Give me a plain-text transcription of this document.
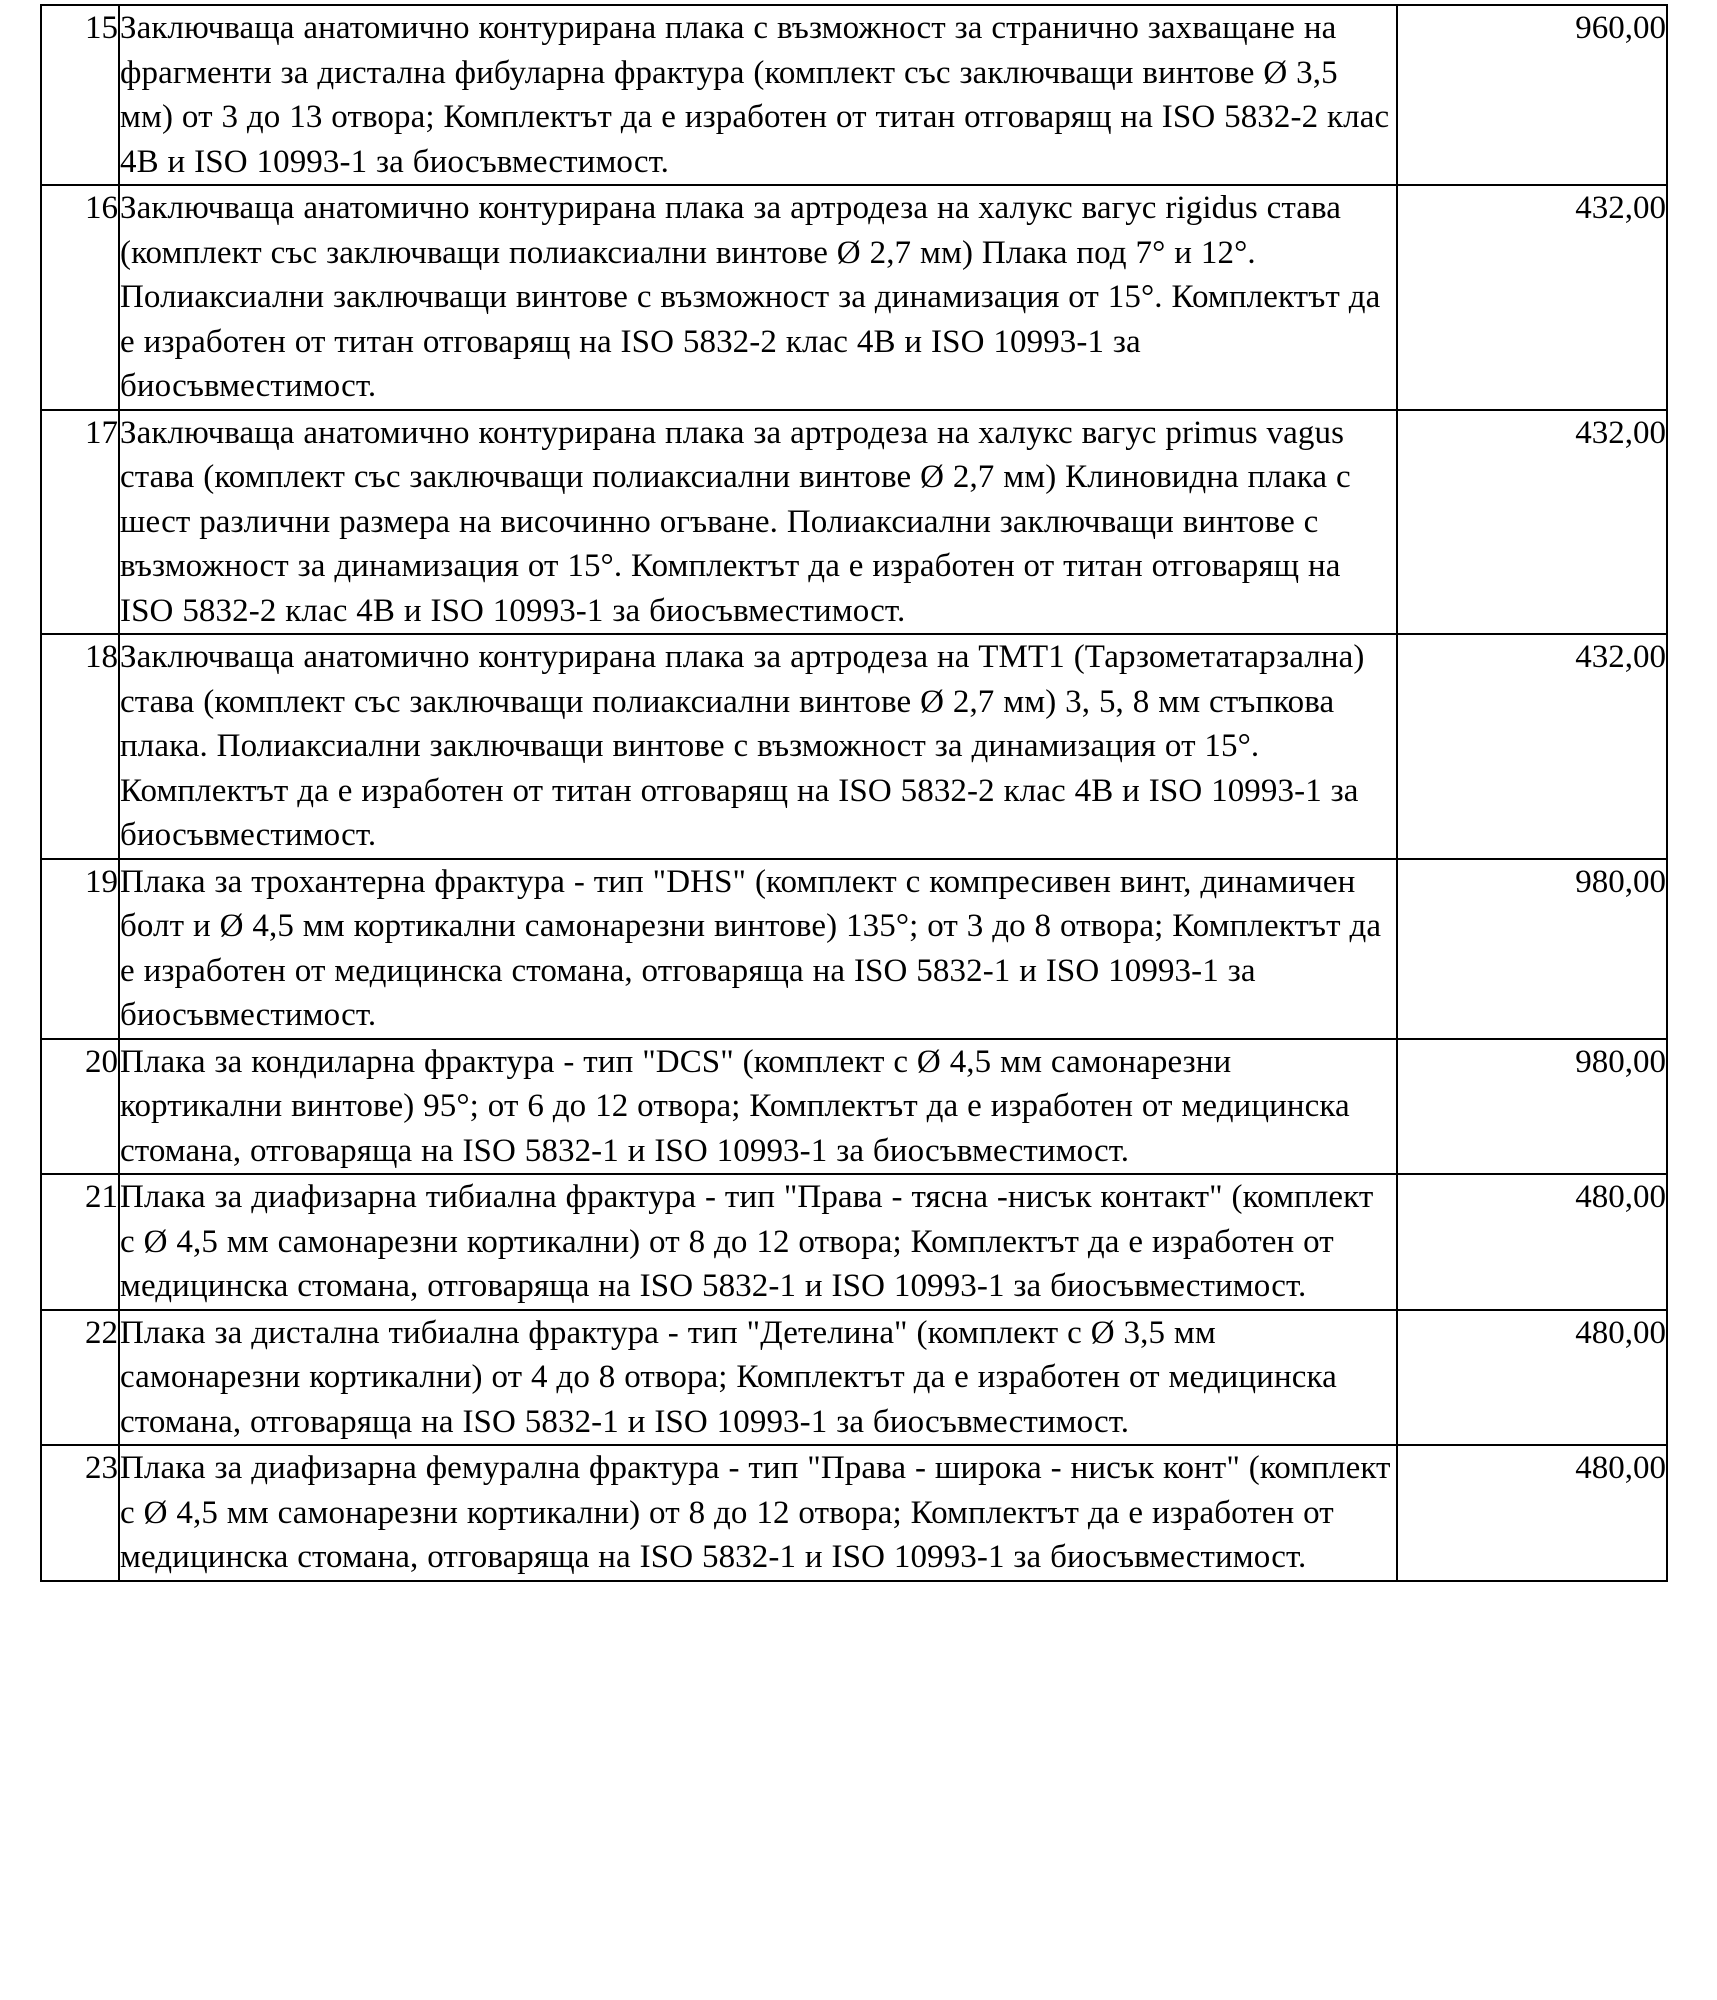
15	Заключваща анатомично контурирана плака с възможност за странично захващане на фрагменти за дистална фибуларна фрактура (комплект със заключващи винтове Ø 3,5 мм) от 3 до 13 отвора; Комплектът да е изработен от титан отговарящ на ISO 5832-2 клас 4B и ISO 10993-1 за биосъвместимост.	960,00
16	Заключваща анатомично контурирана плака за артродеза на халукс вагус rigidus става (комплект със заключващи полиаксиални винтове Ø 2,7 мм) Плака под 7° и 12°. Полиаксиални заключващи винтове с възможност за динамизация от 15°. Комплектът да е изработен от титан отговарящ на ISO 5832-2 клас 4B и ISO 10993-1 за биосъвместимост.	432,00
17	Заключваща анатомично контурирана плака за артродеза на халукс вагус primus vagus става (комплект със заключващи полиаксиални винтове Ø 2,7 мм) Клиновидна плака с шест различни размера на височинно огъване. Полиаксиални заключващи винтове с възможност за динамизация от 15°. Комплектът да е изработен от титан отговарящ на ISO 5832-2 клас 4B и ISO 10993-1 за биосъвместимост.	432,00
18	Заключваща анатомично контурирана плака за артродеза на TMT1 (Тарзометатарзална) става (комплект със заключващи полиаксиални винтове Ø 2,7 мм) 3, 5, 8 мм стъпкова плака. Полиаксиални заключващи винтове с възможност за динамизация от 15°. Комплектът да е изработен от титан отговарящ на ISO 5832-2 клас 4B и ISO 10993-1 за биосъвместимост.	432,00
19	Плака за трохантерна фрактура - тип "DHS" (комплект с компресивен винт, динамичен болт и Ø 4,5 мм кортикални самонарезни винтове) 135°; от 3 до 8 отвора; Комплектът да е изработен от медицинска стомана, отговаряща на ISO 5832-1 и ISO 10993-1 за биосъвместимост.	980,00
20	Плака за кондиларна фрактура - тип "DCS" (комплект с Ø 4,5 мм самонарезни кортикални винтове) 95°; от 6 до 12 отвора; Комплектът да е изработен от медицинска стомана, отговаряща на ISO 5832-1 и ISO 10993-1 за биосъвместимост.	980,00
21	Плака за диафизарна тибиална фрактура - тип "Права - тясна -нисък контакт" (комплект с Ø 4,5 мм самонарезни кортикални) от 8 до 12 отвора; Комплектът да е изработен от медицинска стомана, отговаряща на ISO 5832-1 и ISO 10993-1 за биосъвместимост.	480,00
22	Плака за дистална тибиална фрактура - тип "Детелина" (комплект с Ø 3,5 мм самонарезни кортикални) от 4 до 8 отвора; Комплектът да е изработен от медицинска стомана, отговаряща на ISO 5832-1 и ISO 10993-1 за биосъвместимост.	480,00
23	Плака за диафизарна фемурална фрактура - тип "Права - широка - нисък конт" (комплект с Ø 4,5 мм самонарезни кортикални) от 8 до 12 отвора; Комплектът да е изработен от медицинска стомана, отговаряща на ISO 5832-1 и ISO 10993-1 за биосъвместимост.	480,00
